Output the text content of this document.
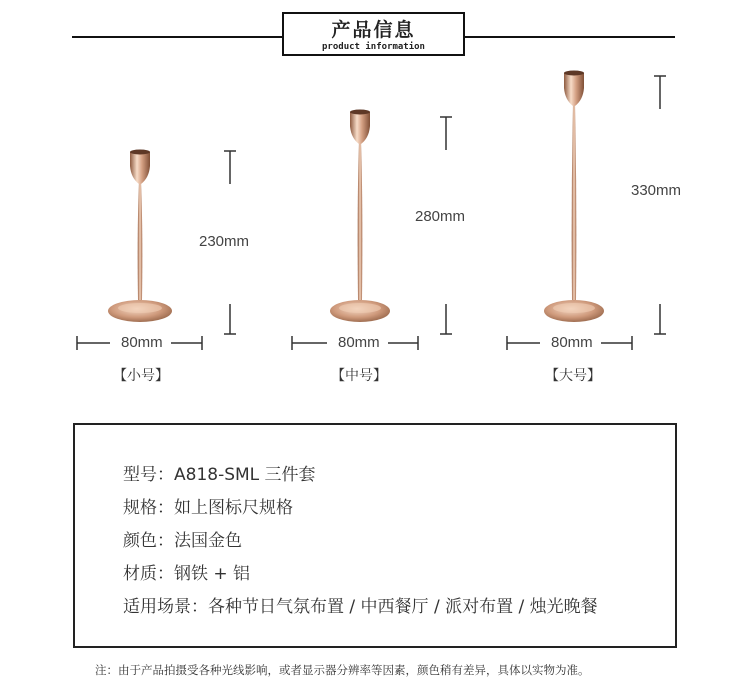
产品信息
product information
230mm
280mm
330mm
80mm	80mm	80mm
【小号】	【中号】	【大号】
型号：A818-SML 三件套
规格：如上图标尺规格
颜色：法国金色
材质：钢铁 + 铝
适用场景：各种节日气氛布置 / 中西餐厅 / 派对布置 / 烛光晚餐
注：由于产品拍摄受各种光线影响，或者显示器分辨率等因素，颜色稍有差异，具体以实物为准。
